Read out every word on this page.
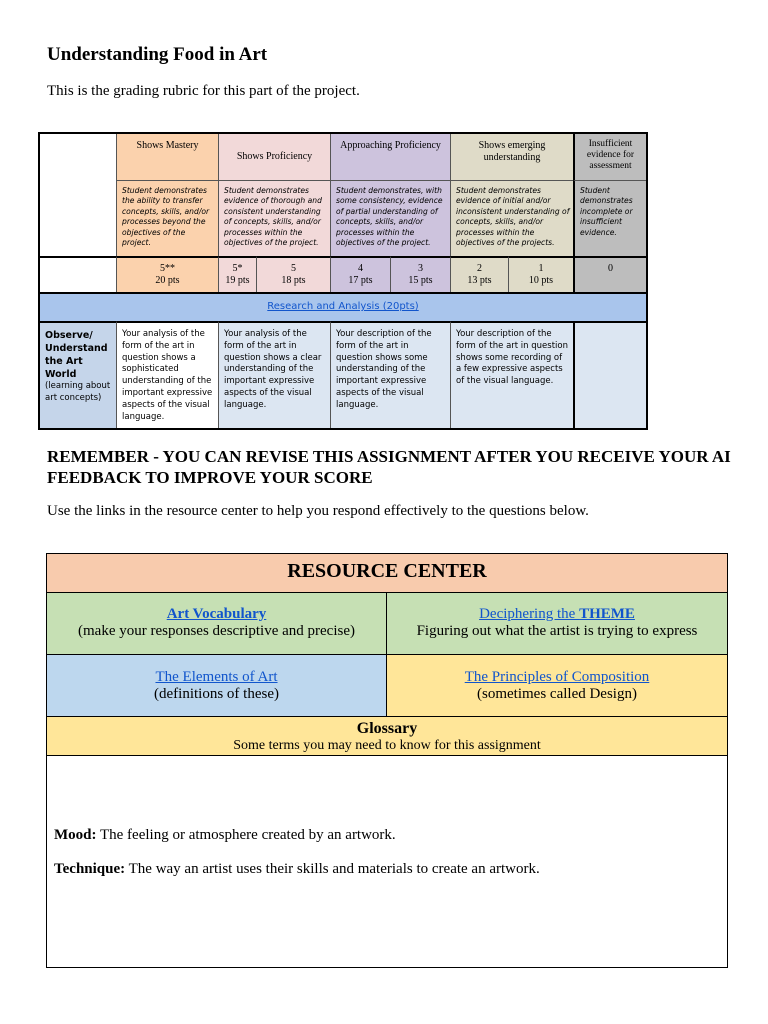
Understanding Food in Art
This is the grading rubric for this part of the project.
Shows Mastery
Shows Proficiency
Approaching Proficiency	Shows emerging understanding
Insufficient evidence for assessment
Student demonstrates the ability to transfer concepts, skills, and/or processes beyond the objectives of the project.
Student demonstrates evidence of thorough and consistent understanding of concepts, skills, and/or processes within the objectives of the project.
Student demonstrates, with some consistency, evidence of partial understanding of concepts, skills, and/or processes within the objectives of the project.
Student demonstrates evidence of initial and/or inconsistent understanding of concepts, skills, and/or processes within the objectives of the projects.
Student demonstrates incomplete or insufficient evidence.
5**
20 pts
5*
19 pts
5
18 pts
4
17 pts
3
15 pts
2
13 pts
1
10 pts
0
Research and Analysis (20pts)
Observe/ Understand the Art World
(learning about art concepts)
Your analysis of the form of the art in question shows a sophisticated understanding of the important expressive aspects of the visual language.
Your analysis of the form of the art in question shows a clear understanding of the important expressive aspects of the visual language.
Your description of the form of the art in question shows some understanding of the important expressive aspects of the visual language.
Your description of the form of the art in question shows some recording of a few expressive aspects of the visual language.
REMEMBER - YOU CAN REVISE THIS ASSIGNMENT AFTER YOU RECEIVE YOUR AI FEEDBACK TO IMPROVE YOUR SCORE
Use the links in the resource center to help you respond effectively to the questions below.
RESOURCE CENTER
Art Vocabulary
(make your responses descriptive and precise)
Deciphering the THEME
Figuring out what the artist is trying to express
The Elements of Art
(definitions of these)
The Principles of Composition
(sometimes called Design)
Glossary
Some terms you may need to know for this assignment
Mood: The feeling or atmosphere created by an artwork.
Technique: The way an artist uses their skills and materials to create an artwork.
